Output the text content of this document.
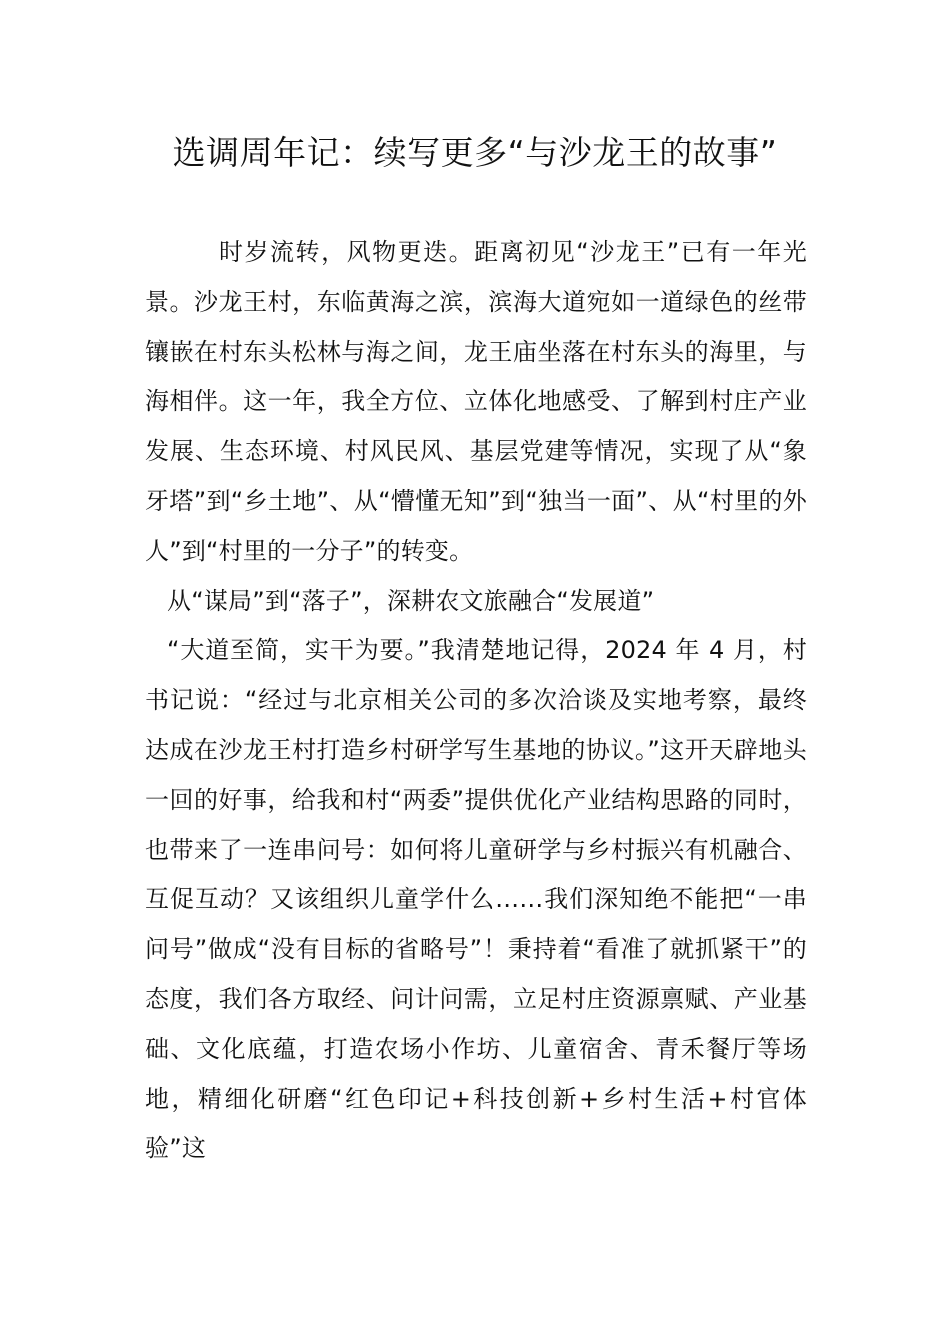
选调周年记：续写更多“与沙龙王的故事”

时岁流转，风物更迭。距离初见“沙龙王”已有一年光景。沙龙王村，东临黄海之滨，滨海大道宛如一道绿色的丝带镶嵌在村东头松林与海之间，龙王庙坐落在村东头的海里，与海相伴。这一年，我全方位、立体化地感受、了解到村庄产业发展、生态环境、村风民风、基层党建等情况，实现了从“象牙塔”到“乡土地”、从“懵懂无知”到“独当一面”、从“村里的外人”到“村里的一分子”的转变。

从“谋局”到“落子”，深耕农文旅融合“发展道”

“大道至简，实干为要。”我清楚地记得，2024 年 4 月，村书记说：“经过与北京相关公司的多次洽谈及实地考察，最终达成在沙龙王村打造乡村研学写生基地的协议。”这开天辟地头一回的好事，给我和村“两委”提供优化产业结构思路的同时，也带来了一连串问号：如何将儿童研学与乡村振兴有机融合、互促互动？又该组织儿童学什么……我们深知绝不能把“一串问号”做成“没有目标的省略号”！秉持着“看准了就抓紧干”的态度，我们各方取经、问计问需，立足村庄资源禀赋、产业基础、文化底蕴，打造农场小作坊、儿童宿舍、青禾餐厅等场地，精细化研磨“红色印记+科技创新+乡村生活+村官体验”这
